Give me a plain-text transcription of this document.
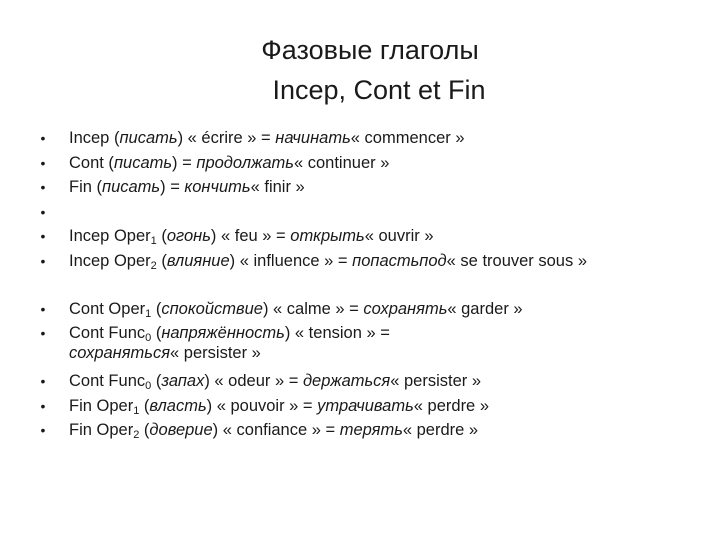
Фазовые глаголы
Incep, Cont et Fin
• Incep (писать) « écrire » = начинать« commencer »
• Cont (писать) = продолжать« continuer »
• Fin (писать) = кончить« finir »
•
• Incep Oper$_1$ (огонь) « feu » = открыть« ouvrir »
• Incep Oper$_2$ (влияние) « influence » = попастьпод« se trouver sous »
• Cont Oper$_1$ (спокойствие) « calme » = сохранять« garder »
• Cont Func$_0$ (напряжённость) « tension » =
сохраняться« persister »
• Cont Func$_0$ (запах) « odeur » = держаться« persister »
• Fin Oper$_1$ (власть) « pouvoir » = утрачивать« perdre »
• Fin Oper$_2$ (доверие) « confiance » = терять« perdre »
